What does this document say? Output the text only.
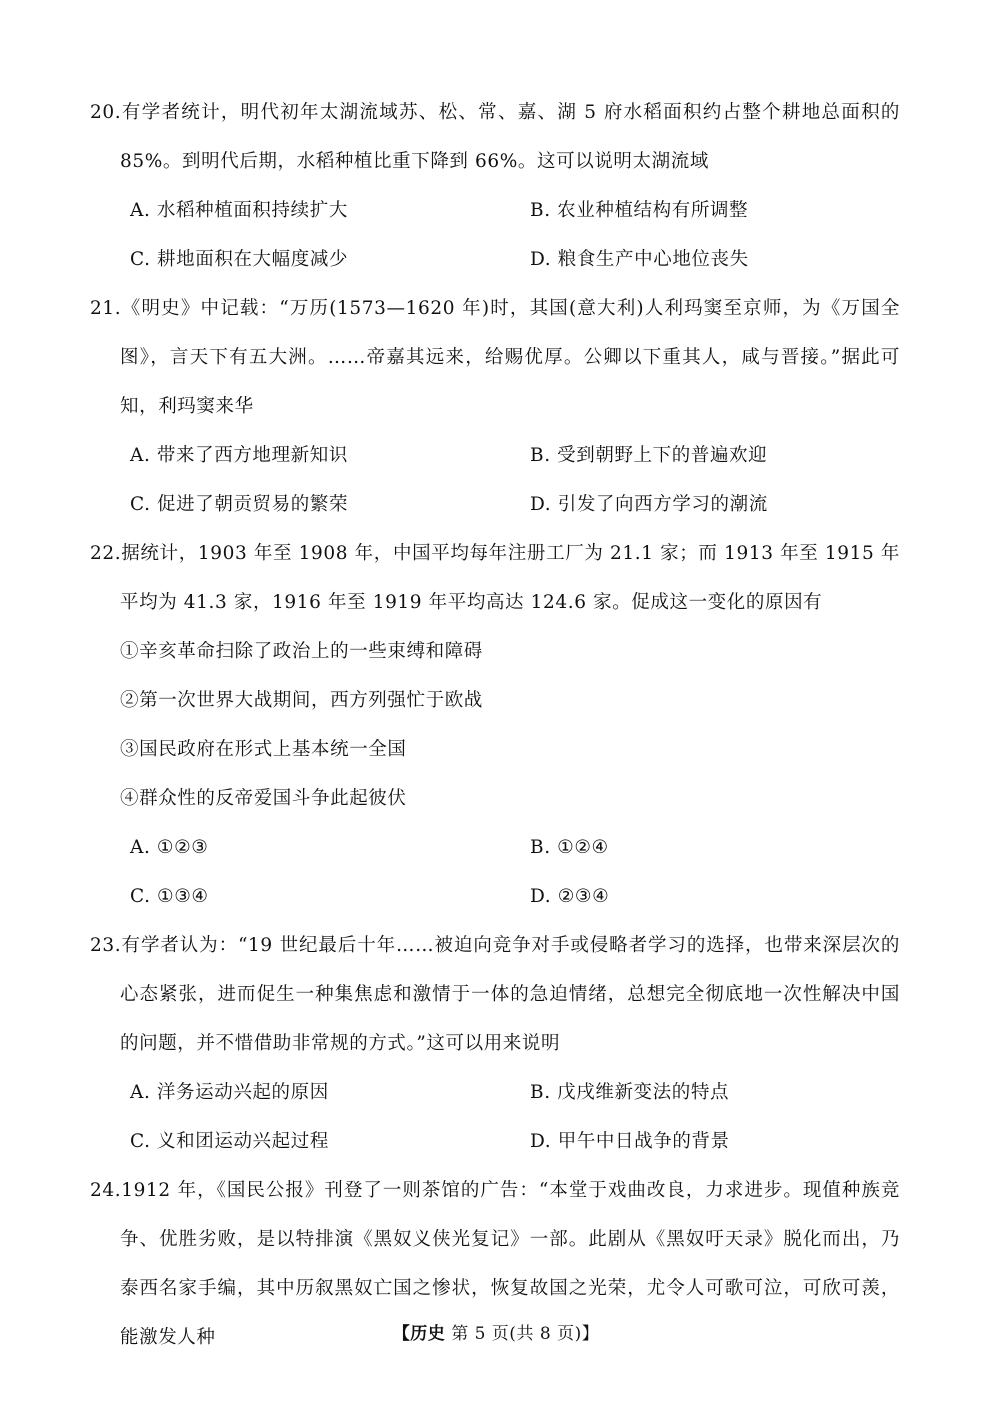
20.有学者统计，明代初年太湖流域苏、松、常、嘉、湖 5 府水稻面积约占整个耕地总面积的 85%。到明代后期，水稻种植比重下降到 66%。这可以说明太湖流域

A. 水稻种植面积持续扩大	B. 农业种植结构有所调整
C. 耕地面积在大幅度减少	D. 粮食生产中心地位丧失

21.《明史》中记载：“万历(1573—1620 年)时，其国(意大利)人利玛窦至京师，为《万国全图》，言天下有五大洲。……帝嘉其远来，给赐优厚。公卿以下重其人，咸与晋接。”据此可知，利玛窦来华

A. 带来了西方地理新知识	B. 受到朝野上下的普遍欢迎
C. 促进了朝贡贸易的繁荣	D. 引发了向西方学习的潮流

22.据统计，1903 年至 1908 年，中国平均每年注册工厂为 21.1 家；而 1913 年至 1915 年平均为 41.3 家，1916 年至 1919 年平均高达 124.6 家。促成这一变化的原因有

①辛亥革命扫除了政治上的一些束缚和障碍

②第一次世界大战期间，西方列强忙于欧战

③国民政府在形式上基本统一全国

④群众性的反帝爱国斗争此起彼伏

A. ①②③	B. ①②④
C. ①③④	D. ②③④

23.有学者认为：“19 世纪最后十年……被迫向竞争对手或侵略者学习的选择，也带来深层次的心态紧张，进而促生一种集焦虑和激情于一体的急迫情绪，总想完全彻底地一次性解决中国的问题，并不惜借助非常规的方式。”这可以用来说明

A. 洋务运动兴起的原因	B. 戊戌维新变法的特点
C. 义和团运动兴起过程	D. 甲午中日战争的背景

24.1912 年，《国民公报》刊登了一则茶馆的广告：“本堂于戏曲改良，力求进步。现值种族竞争、优胜劣败，是以特排演《黑奴义侠光复记》一部。此剧从《黑奴吁天录》脱化而出，乃泰西名家手编，其中历叙黑奴亡国之惨状，恢复故国之光荣，尤令人可歌可泣，可欣可羡，能激发人种	【历史 第 5 页(共 8 页)】
